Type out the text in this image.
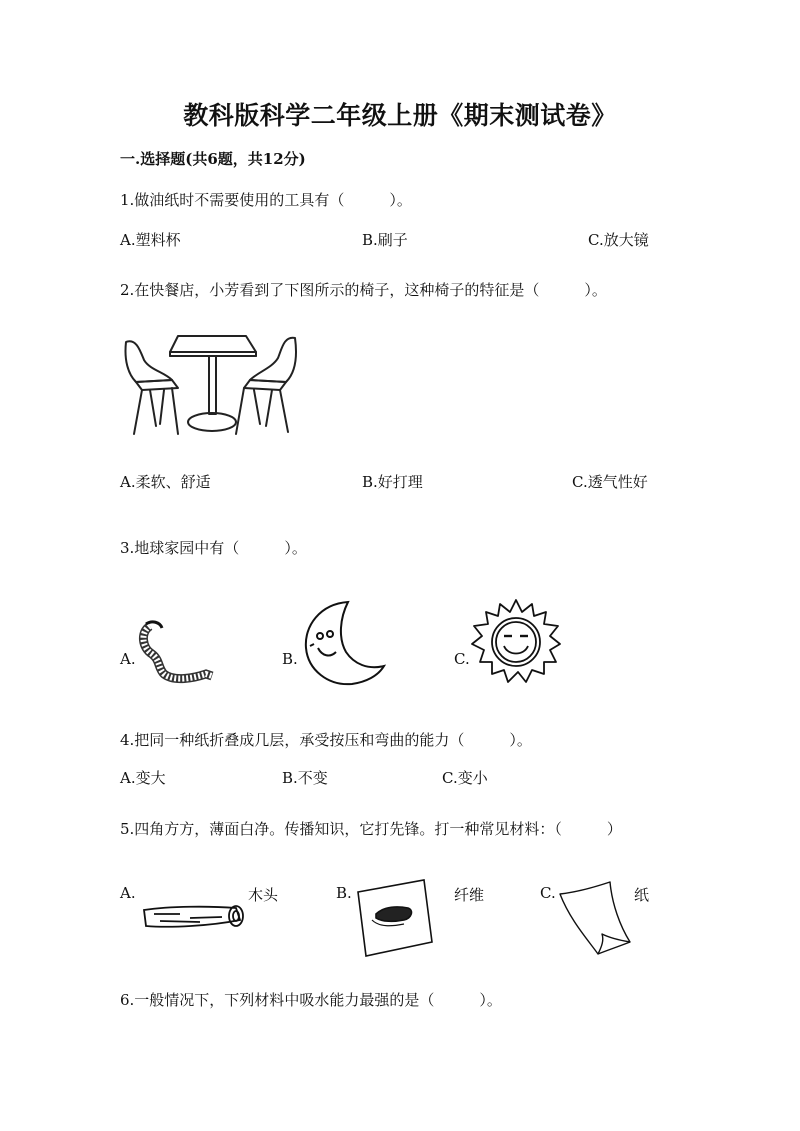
教科版科学二年级上册《期末测试卷》
一.选择题(共6题，共12分)
1.做油纸时不需要使用的工具有（　　　）。
A.塑料杯	B.刷子	C.放大镜
2.在快餐店，小芳看到了下图所示的椅子，这种椅子的特征是（　　　）。
A.柔软、舒适	B.好打理	C.透气性好
3.地球家园中有（　　　）。
A.	B.	C.
4.把同一种纸折叠成几层，承受按压和弯曲的能力（　　　）。
A.变大	B.不变	C.变小
5.四角方方，薄面白净。传播知识，它打先锋。打一种常见材料：（　　　）
A.	木头	B.	纤维	C.	纸
6.一般情况下，下列材料中吸水能力最强的是（　　　）。
